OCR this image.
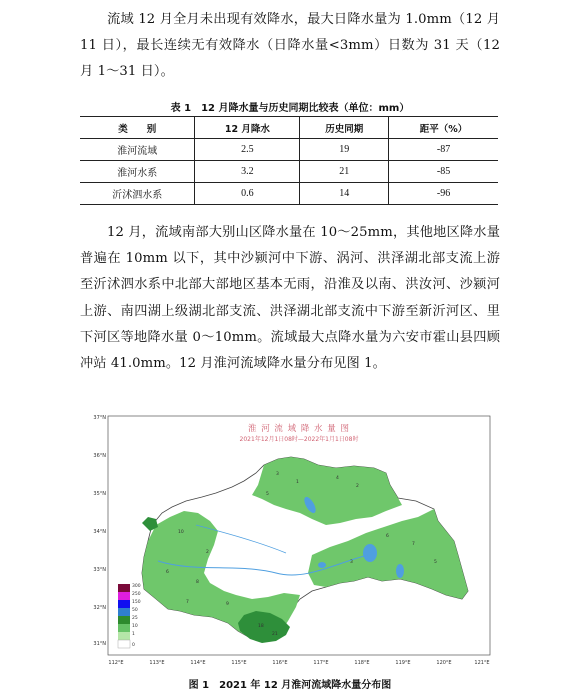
流域 12 月全月未出现有效降水，最大日降水量为 1.0mm（12 月 11 日），最长连续无有效降水（日降水量<3mm）日数为 31 天（12 月 1～31 日）。

表 1　12 月降水量与历史同期比较表（单位：mm）
类　　别	12 月降水	历史同期	距平（%）
淮河流域	2.5	19	-87
淮河水系	3.2	21	-85
沂沭泗水系	0.6	14	-96

12 月，流域南部大别山区降水量在 10～25mm，其他地区降水量普遍在 10mm 以下，其中沙颍河中下游、涡河、洪泽湖北部支流上游至沂沭泗水系中北部大部地区基本无雨，沿淮及以南、洪汝河、沙颍河上游、南四湖上级湖北部支流、洪泽湖北部支流中下游至新沂河区、里下河区等地降水量 0～10mm。流域最大点降水量为六安市霍山县四顾冲站 41.0mm。12 月淮河流域降水量分布见图 1。

淮 河 流 域 降 水 量 图
2021年12月1日08时—2022年1月1日08时
3
1
4
2
5
6
7
5
3
10
6
8
9
18
21
2
7
37°N
36°N
35°N
34°N
33°N
32°N
31°N
112°E	113°E	114°E	115°E	116°E	117°E	118°E	119°E	120°E	121°E
300
250
150
50
25
10
1
0
图 1　2021 年 12 月淮河流域降水量分布图
